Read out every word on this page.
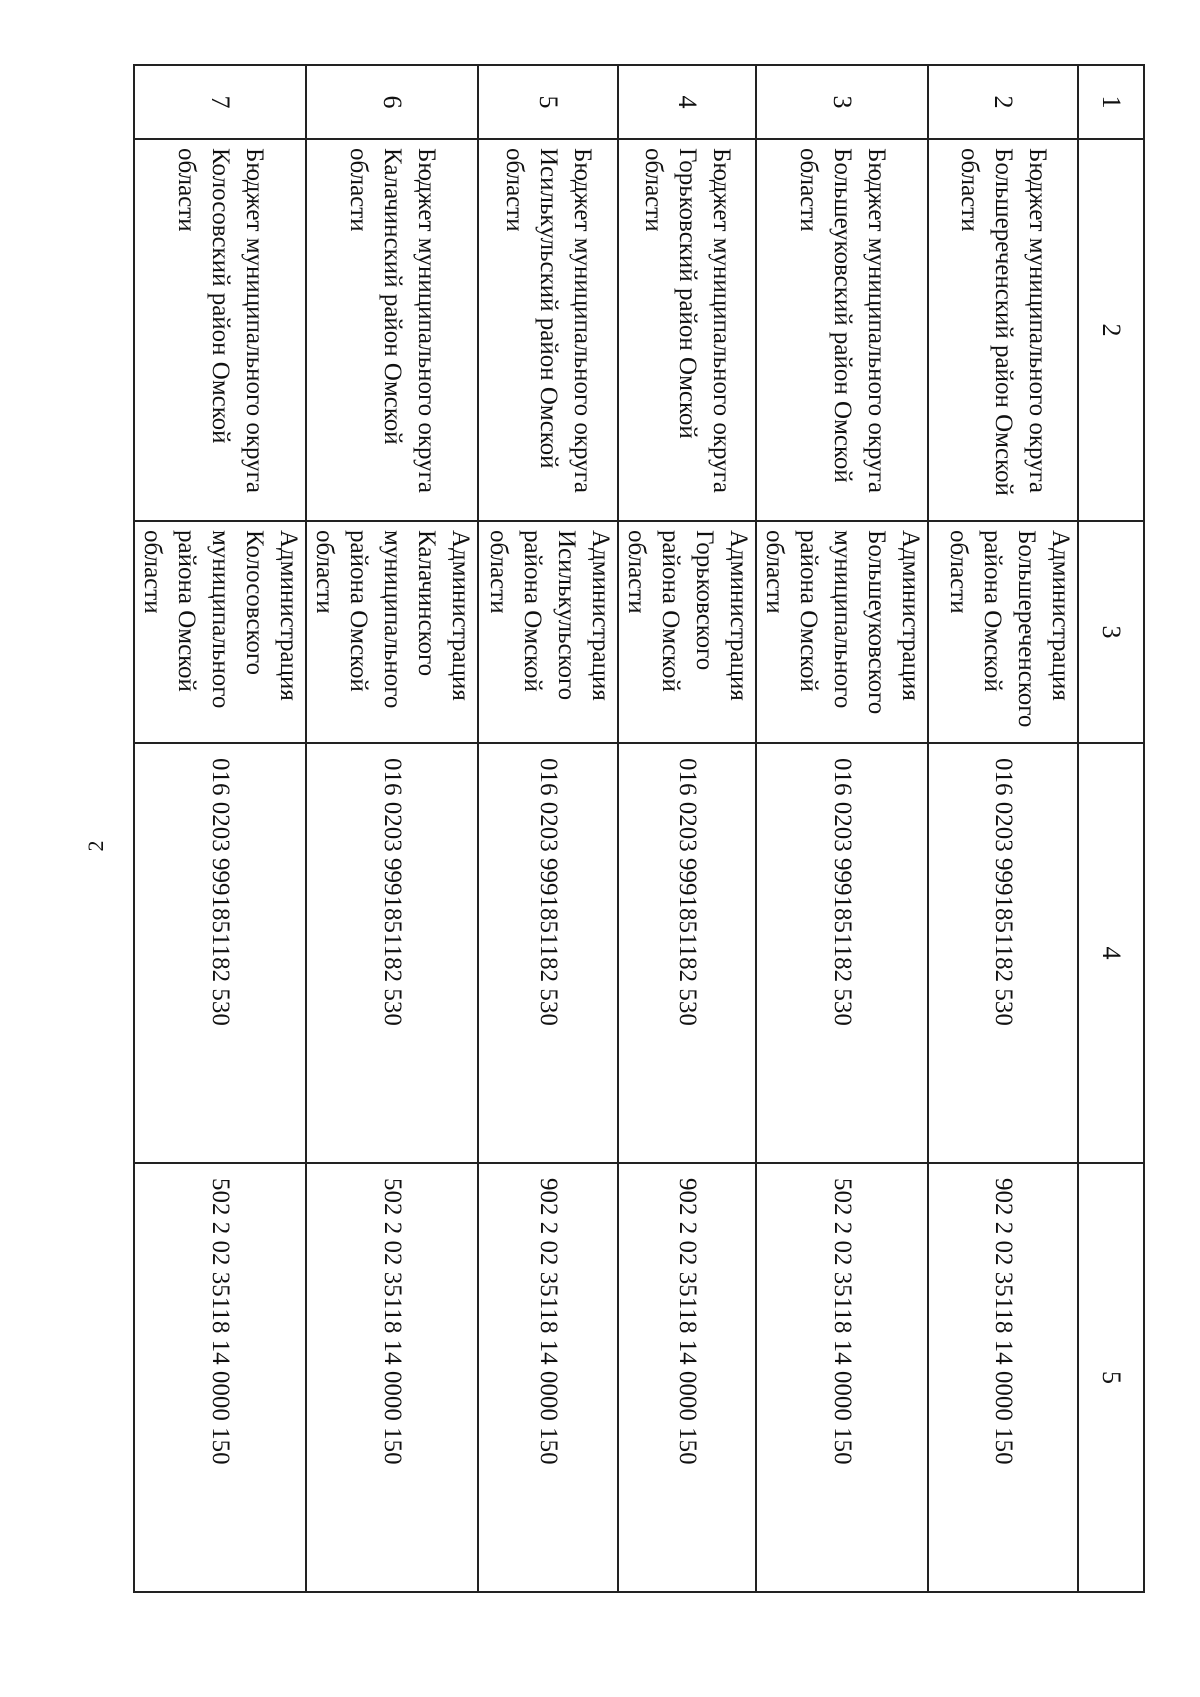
2
1	2	3	4	5
2	Бюджет муниципального округа Большереченский район Омской области	Администрация Большереченского района Омской области	016 0203 9991851182 530	902 2 02 35118 14 0000 150

3	Бюджет муниципального округа Большеуковский район Омской области	Администрация Большеуковского муниципального района Омской области	016 0203 9991851182 530	502 2 02 35118 14 0000 150

4	Бюджет муниципального округа Горьковский район Омской области	Администрация Горьковского района Омской области	016 0203 9991851182 530	902 2 02 35118 14 0000 150

5	Бюджет муниципального округа Исилькульский район Омской области	Администрация Исилькульского района Омской области	016 0203 9991851182 530	902 2 02 35118 14 0000 150

6	Бюджет муниципального округа Калачинский район Омской области	Администрация Калачинского муниципального района Омской области	016 0203 9991851182 530	502 2 02 35118 14 0000 150

7	Бюджет муниципального округа Колосовский район Омской области	Администрация Колосовского муниципального района Омской области	016 0203 9991851182 530	502 2 02 35118 14 0000 150
